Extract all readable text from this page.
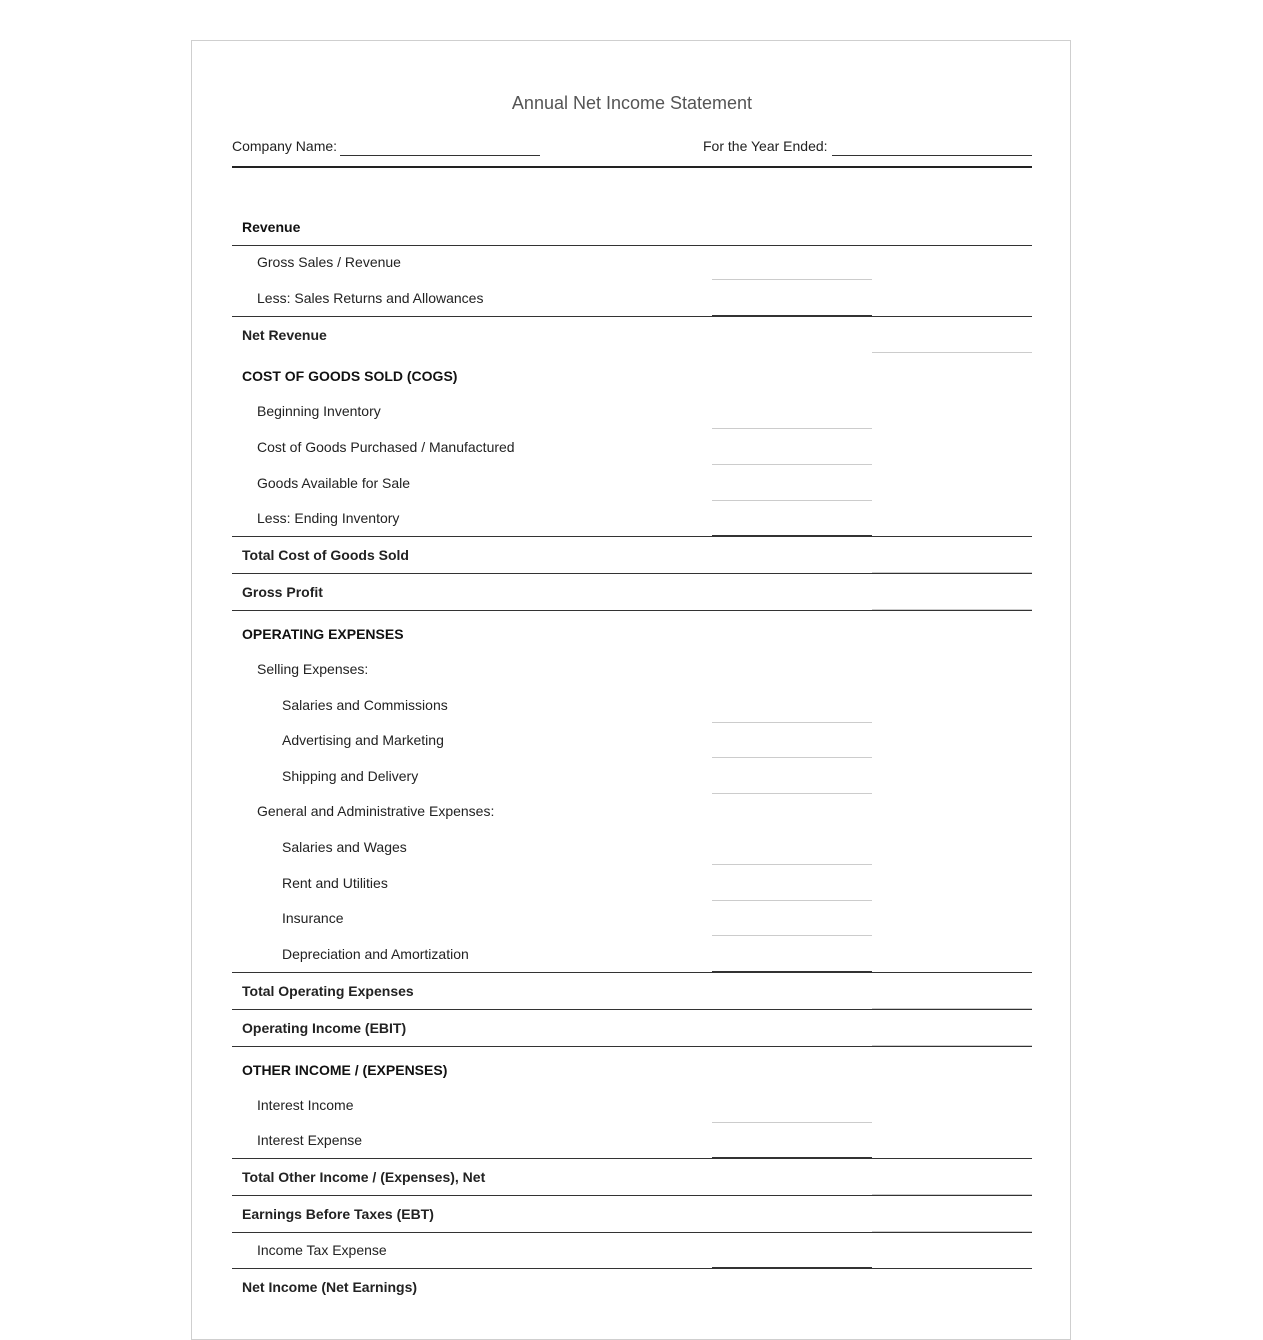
Annual Net Income Statement
Company Name:	For the Year Ended:
Revenue
Gross Sales / Revenue
Less: Sales Returns and Allowances
Net Revenue
COST OF GOODS SOLD (COGS)
Beginning Inventory
Cost of Goods Purchased / Manufactured
Goods Available for Sale
Less: Ending Inventory
Total Cost of Goods Sold
Gross Profit
OPERATING EXPENSES
Selling Expenses:
Salaries and Commissions
Advertising and Marketing
Shipping and Delivery
General and Administrative Expenses:
Salaries and Wages
Rent and Utilities
Insurance
Depreciation and Amortization
Total Operating Expenses
Operating Income (EBIT)
OTHER INCOME / (EXPENSES)
Interest Income
Interest Expense
Total Other Income / (Expenses), Net
Earnings Before Taxes (EBT)
Income Tax Expense
Net Income (Net Earnings)
